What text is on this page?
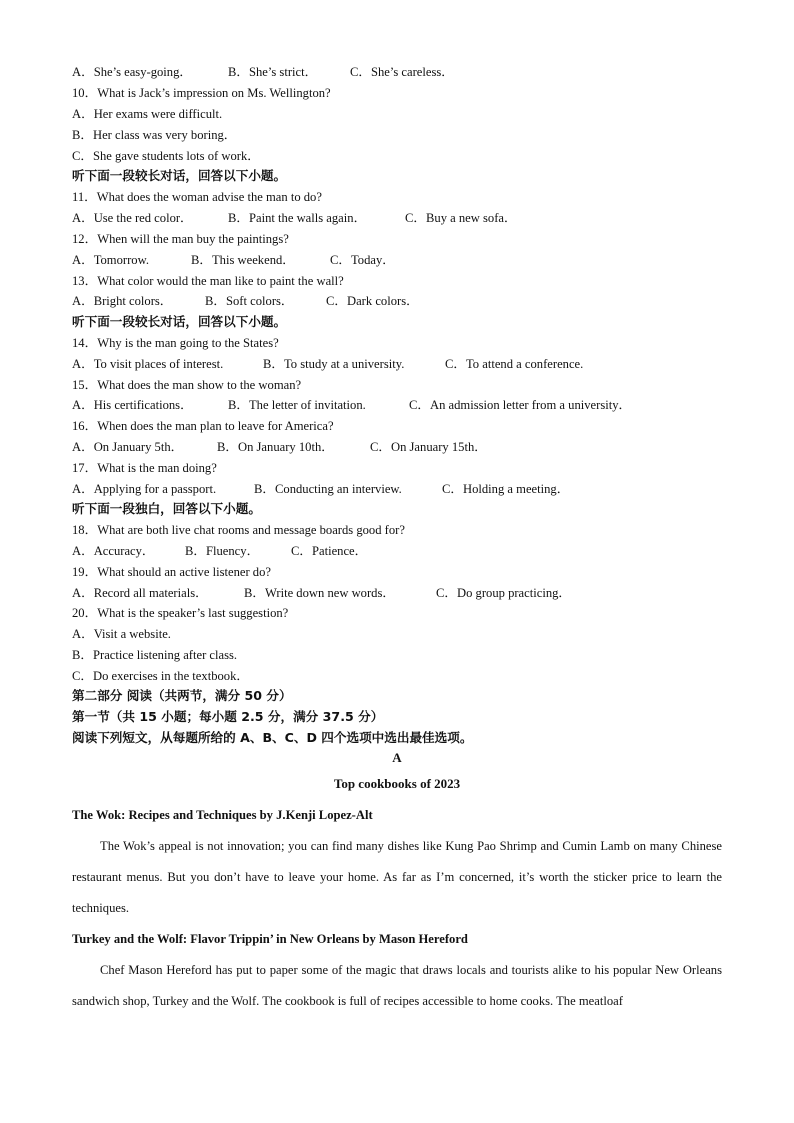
A．She’s easy-going．	B．She’s strict．	C．She’s careless．
10．What is Jack’s impression on Ms. Wellington?
A．Her exams were difficult.
B．Her class was very boring．
C．She gave students lots of work．
听下面一段较长对话，回答以下小题。
11．What does the woman advise the man to do?
A．Use the red color．	B．Paint the walls again．	C．Buy a new sofa．
12．When will the man buy the paintings?
A．Tomorrow.	B．This weekend．	C．Today．
13．What color would the man like to paint the wall?
A．Bright colors．	B．Soft colors．	C．Dark colors．
听下面一段较长对话，回答以下小题。
14．Why is the man going to the States?
A．To visit places of interest.	B．To study at a university.	C．To attend a conference.
15．What does the man show to the woman?
A．His certifications．	B．The letter of invitation.	C．An admission letter from a university．
16．When does the man plan to leave for America?
A．On January 5th．	B．On January 10th．	C．On January 15th．
17．What is the man doing?
A．Applying for a passport.	B．Conducting an interview.	C．Holding a meeting．
听下面一段独白，回答以下小题。
18．What are both live chat rooms and message boards good for?
A．Accuracy． B．Fluency．	C．Patience．
19．What should an active listener do?
A．Record all materials．	B．Write down new words．	C．Do group practicing．
20．What is the speaker’s last suggestion?
A．Visit a website.
B．Practice listening after class.
C．Do exercises in the textbook．
第二部分 阅读（共两节，满分 50 分）
第一节（共 15 小题；每小题 2.5 分，满分 37.5 分）
阅读下列短文，从每题所给的 A、B、C、D 四个选项中选出最佳选项。
A
Top cookbooks of 2023
The Wok: Recipes and Techniques by J.Kenji Lopez-Alt

The Wok’s appeal is not innovation; you can find many dishes like Kung Pao Shrimp and Cumin Lamb on many Chinese restaurant menus. But you don’t have to leave your home. As far as I’m concerned, it’s worth the sticker price to learn the techniques.

Turkey and the Wolf: Flavor Trippin’ in New Orleans by Mason Hereford

Chef Mason Hereford has put to paper some of the magic that draws locals and tourists alike to his popular New Orleans sandwich shop, Turkey and the Wolf. The cookbook is full of recipes accessible to home cooks. The meatloaf
